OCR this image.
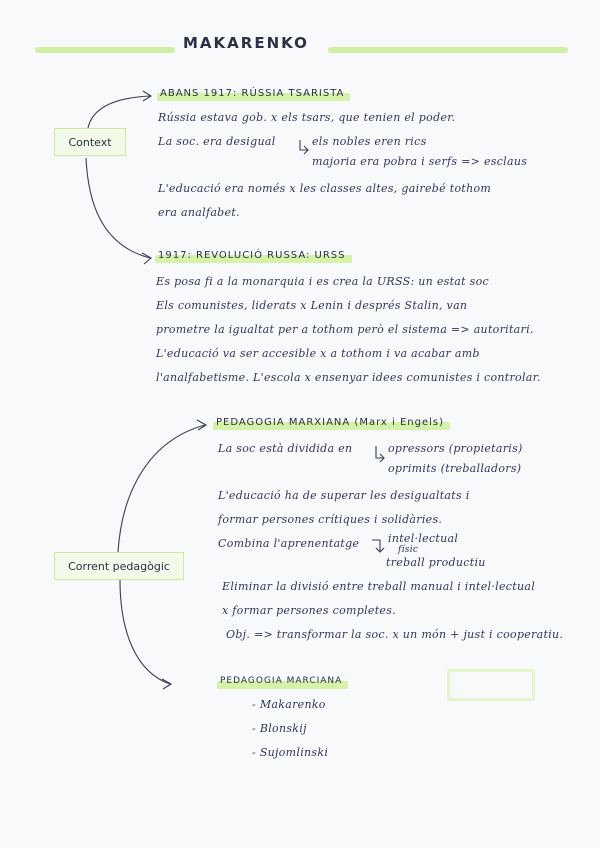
MAKARENKO
Context
ABANS 1917: RÚSSIA TSARISTA
Rússia estava gob. x els tsars, que tenien el poder.
La soc. era desigual	els nobles eren rics
majoria era pobra i serfs => esclaus
L'educació era només x les classes altes, gairebé tothom
era analfabet.
1917: REVOLUCIÓ RUSSA: URSS
Es posa fi a la monarquia i es crea la URSS: un estat soc
Els comunistes, liderats x Lenin i després Stalin, van
prometre la igualtat per a tothom però el sistema => autoritari.
L'educació va ser accesible x a tothom i va acabar amb
l'analfabetisme. L'escola x ensenyar idees comunistes i controlar.
Corrent pedagògic
PEDAGOGIA MARXIANA (Marx i Engels)
La soc està dividida en	opressors (propietaris)
oprimits (treballadors)
L'educació ha de superar les desigualtats i
formar persones crítiques i solidàries.
Combina l'aprenentatge	intel·lectual
físic
treball productiu
Eliminar la divisió entre treball manual i intel·lectual
x formar persones completes.
Obj. => transformar la soc. x un món + just i cooperatiu.
PEDAGOGIA MARCIANA
- Makarenko
- Blonskij
- Sujomlinski
